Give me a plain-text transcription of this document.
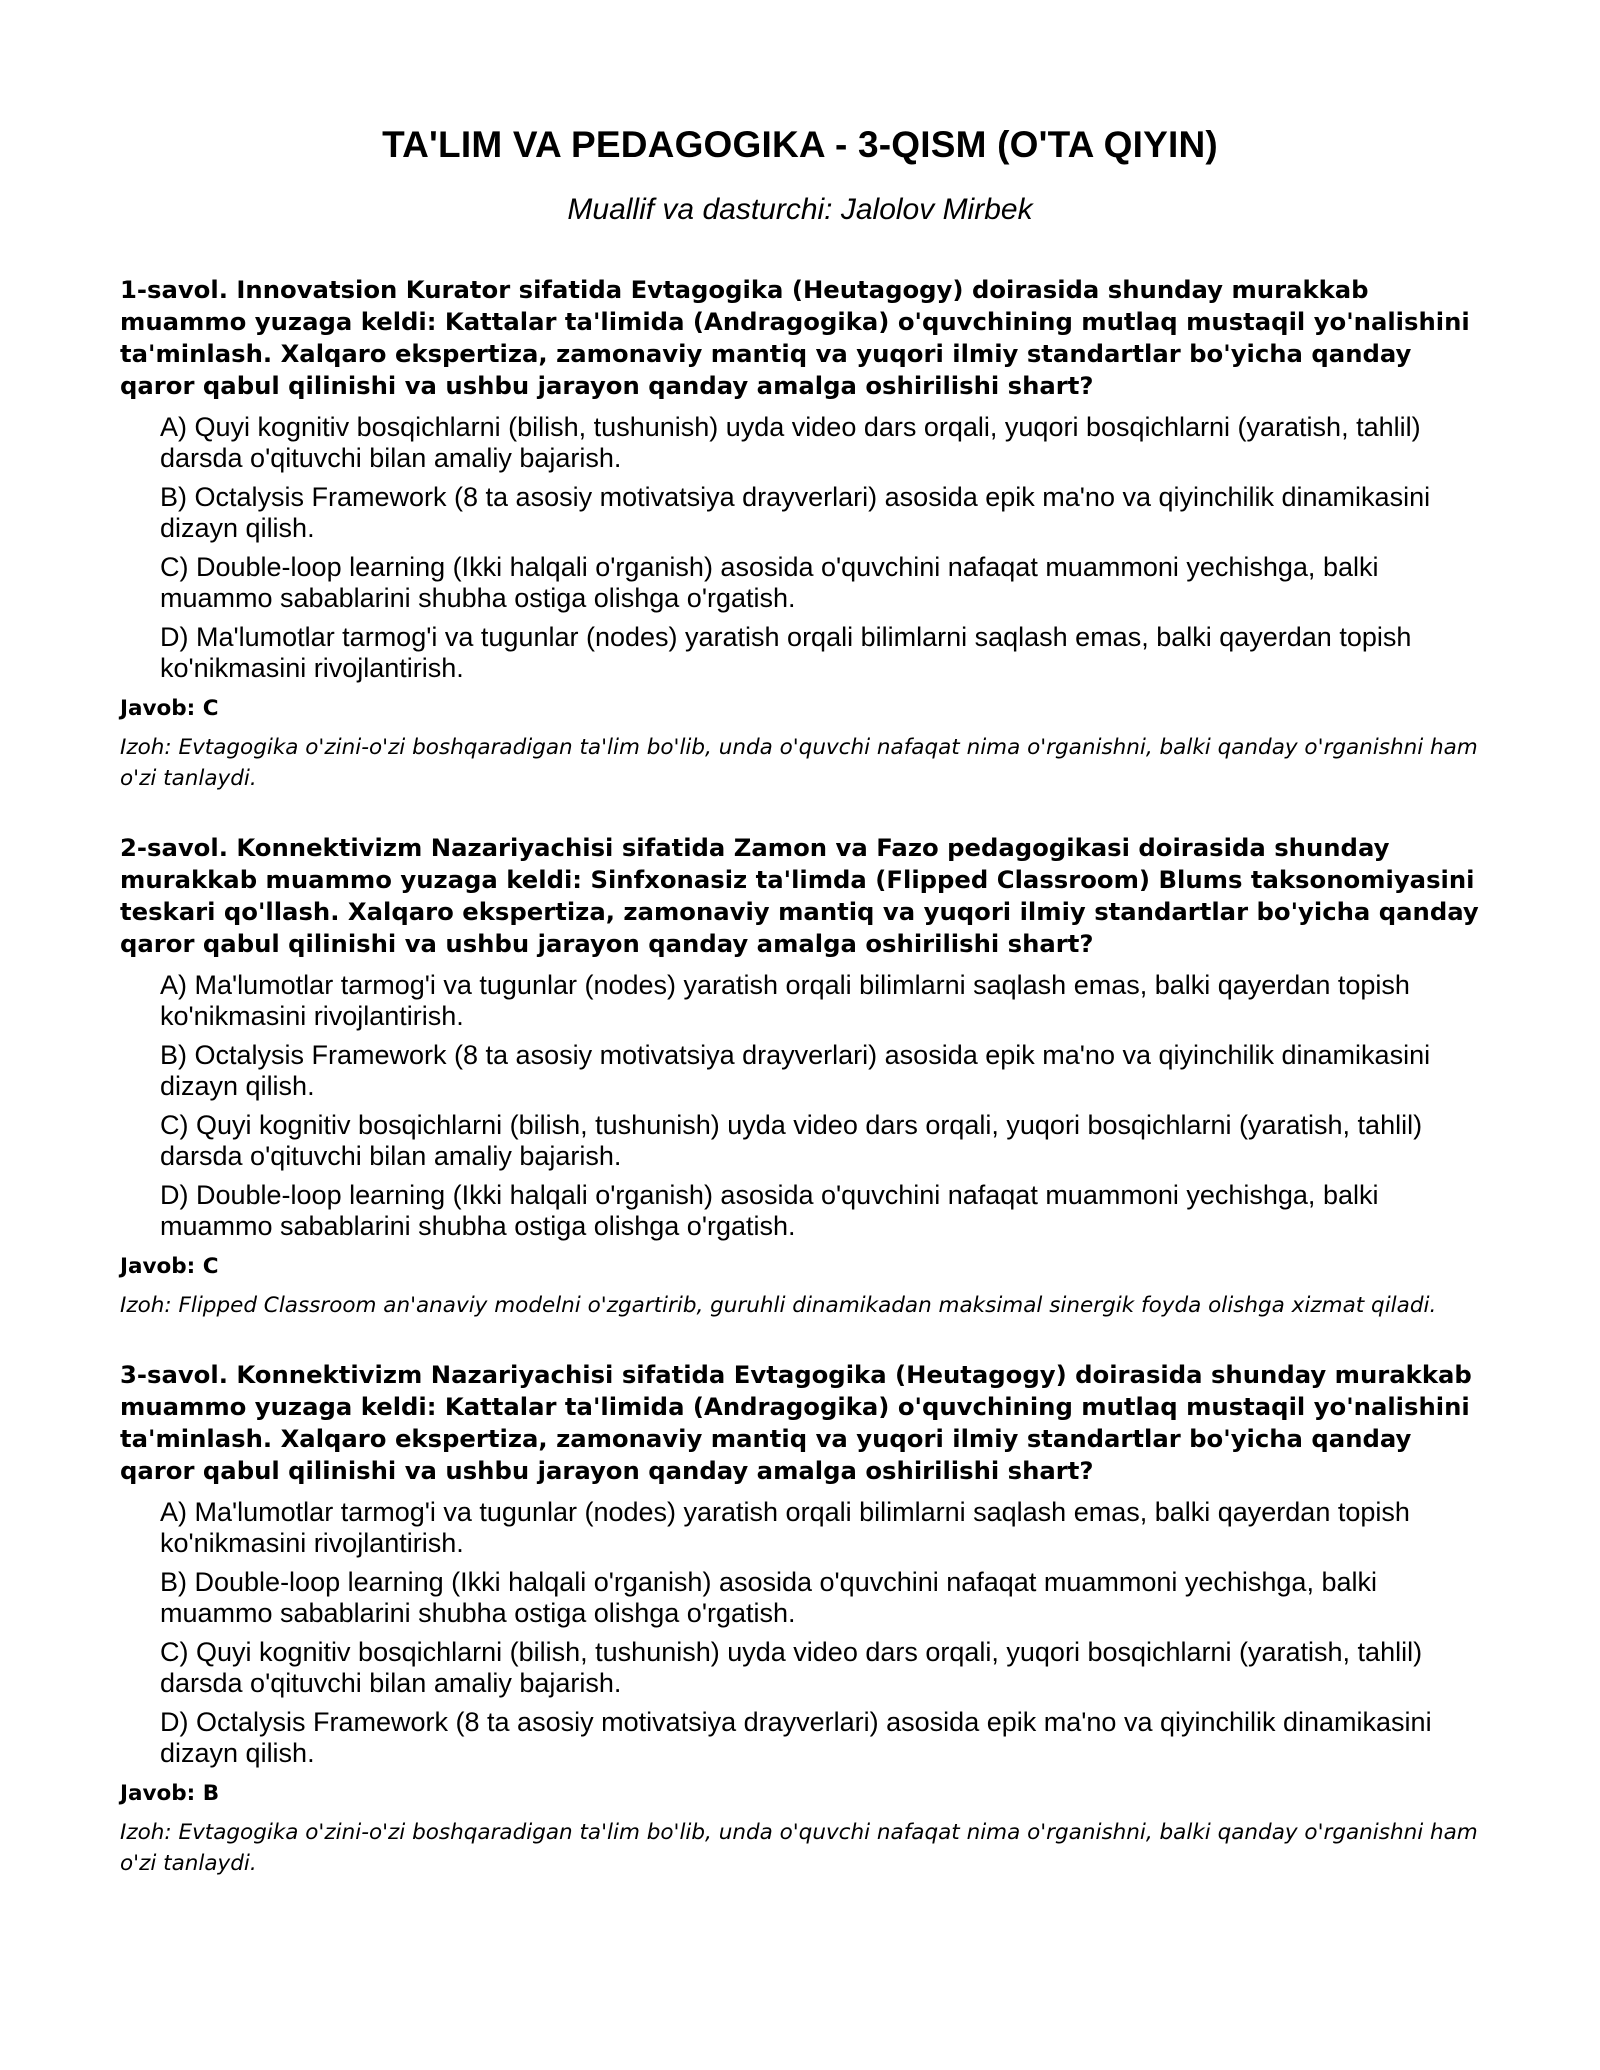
TA'LIM VA PEDAGOGIKA - 3-QISM (O'TA QIYIN)
Muallif va dasturchi: Jalolov Mirbek

1-savol. Innovatsion Kurator sifatida Evtagogika (Heutagogy) doirasida shunday murakkab muammo yuzaga keldi: Kattalar ta'limida (Andragogika) o'quvchining mutlaq mustaqil yo'nalishini ta'minlash. Xalqaro ekspertiza, zamonaviy mantiq va yuqori ilmiy standartlar bo'yicha qanday qaror qabul qilinishi va ushbu jarayon qanday amalga oshirilishi shart?

A) Quyi kognitiv bosqichlarni (bilish, tushunish) uyda video dars orqali, yuqori bosqichlarni (yaratish, tahlil) darsda o'qituvchi bilan amaliy bajarish.
B) Octalysis Framework (8 ta asosiy motivatsiya drayverlari) asosida epik ma'no va qiyinchilik dinamikasini dizayn qilish.
C) Double-loop learning (Ikki halqali o'rganish) asosida o'quvchini nafaqat muammoni yechishga, balki muammo sabablarini shubha ostiga olishga o'rgatish.
D) Ma'lumotlar tarmog'i va tugunlar (nodes) yaratish orqali bilimlarni saqlash emas, balki qayerdan topish ko'nikmasini rivojlantirish.
Javob: C
Izoh: Evtagogika o'zini-o'zi boshqaradigan ta'lim bo'lib, unda o'quvchi nafaqat nima o'rganishni, balki qanday o'rganishni ham o'zi tanlaydi.

2-savol. Konnektivizm Nazariyachisi sifatida Zamon va Fazo pedagogikasi doirasida shunday murakkab muammo yuzaga keldi: Sinfxonasiz ta'limda (Flipped Classroom) Blums taksonomiyasini teskari qo'llash. Xalqaro ekspertiza, zamonaviy mantiq va yuqori ilmiy standartlar bo'yicha qanday qaror qabul qilinishi va ushbu jarayon qanday amalga oshirilishi shart?

A) Ma'lumotlar tarmog'i va tugunlar (nodes) yaratish orqali bilimlarni saqlash emas, balki qayerdan topish ko'nikmasini rivojlantirish.
B) Octalysis Framework (8 ta asosiy motivatsiya drayverlari) asosida epik ma'no va qiyinchilik dinamikasini dizayn qilish.
C) Quyi kognitiv bosqichlarni (bilish, tushunish) uyda video dars orqali, yuqori bosqichlarni (yaratish, tahlil) darsda o'qituvchi bilan amaliy bajarish.
D) Double-loop learning (Ikki halqali o'rganish) asosida o'quvchini nafaqat muammoni yechishga, balki muammo sabablarini shubha ostiga olishga o'rgatish.
Javob: C
Izoh: Flipped Classroom an'anaviy modelni o'zgartirib, guruhli dinamikadan maksimal sinergik foyda olishga xizmat qiladi.

3-savol. Konnektivizm Nazariyachisi sifatida Evtagogika (Heutagogy) doirasida shunday murakkab muammo yuzaga keldi: Kattalar ta'limida (Andragogika) o'quvchining mutlaq mustaqil yo'nalishini ta'minlash. Xalqaro ekspertiza, zamonaviy mantiq va yuqori ilmiy standartlar bo'yicha qanday qaror qabul qilinishi va ushbu jarayon qanday amalga oshirilishi shart?

A) Ma'lumotlar tarmog'i va tugunlar (nodes) yaratish orqali bilimlarni saqlash emas, balki qayerdan topish ko'nikmasini rivojlantirish.
B) Double-loop learning (Ikki halqali o'rganish) asosida o'quvchini nafaqat muammoni yechishga, balki muammo sabablarini shubha ostiga olishga o'rgatish.
C) Quyi kognitiv bosqichlarni (bilish, tushunish) uyda video dars orqali, yuqori bosqichlarni (yaratish, tahlil) darsda o'qituvchi bilan amaliy bajarish.
D) Octalysis Framework (8 ta asosiy motivatsiya drayverlari) asosida epik ma'no va qiyinchilik dinamikasini dizayn qilish.
Javob: B
Izoh: Evtagogika o'zini-o'zi boshqaradigan ta'lim bo'lib, unda o'quvchi nafaqat nima o'rganishni, balki qanday o'rganishni ham o'zi tanlaydi.
